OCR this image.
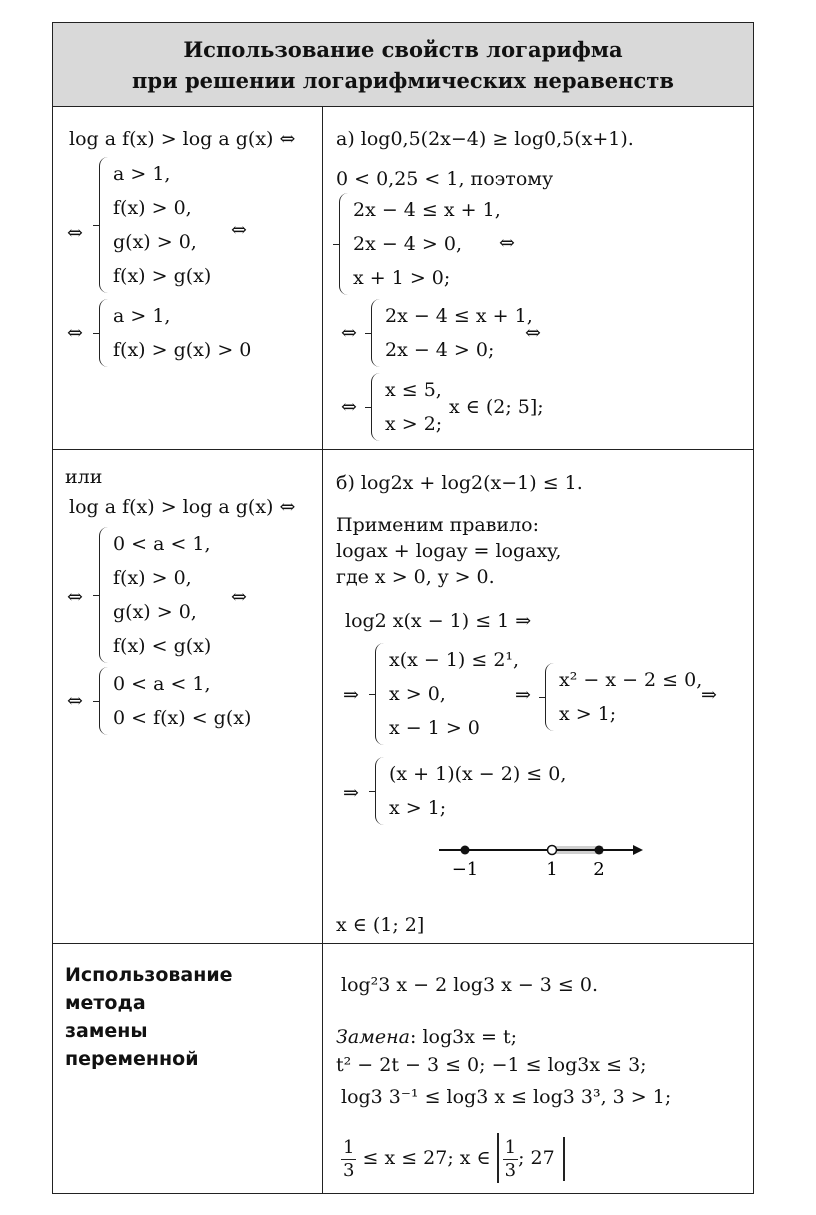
Использование свойств логарифма
при решении логарифмических неравенств
log a f(x) > log a g(x) ⇔
⇔
a > 1,
f(x) > 0,
g(x) > 0,
f(x) > g(x)
⇔
⇔
a > 1,
f(x) > g(x) > 0
а) log0,5(2x−4) ≥ log0,5(x+1).
0 < 0,25 < 1, поэтому
2x − 4 ≤ x + 1,
2x − 4 > 0,
x + 1 > 0;
⇔
⇔
2x − 4 ≤ x + 1,
2x − 4 > 0;
⇔
⇔
x ≤ 5,
x > 2;
x ∈ (2; 5];
или
log a f(x) > log a g(x) ⇔
⇔
0 < a < 1,
f(x) > 0,
g(x) > 0,
f(x) < g(x)
⇔
⇔
0 < a < 1,
0 < f(x) < g(x)
б) log2x + log2(x−1) ≤ 1.
Применим правило:
logax + logay = logaxy,
где x > 0, y > 0.
log2 x(x − 1) ≤ 1 ⇒
⇒
x(x − 1) ≤ 2¹,
x > 0,
x − 1 > 0
⇒
x² − x − 2 ≤ 0,
x > 1;
⇒
⇒
(x + 1)(x − 2) ≤ 0,
x > 1;
−1	1 2
x ∈ (1; 2]
Использование
метода
замены
переменной
log²3 x − 2 log3 x − 3 ≤ 0.
Замена: log3x = t;
t² − 2t − 3 ≤ 0; −1 ≤ log3x ≤ 3;
log3 3⁻¹ ≤ log3 x ≤ log3 3³, 3 > 1;
$\frac{1}{3} \le x \le 27$; x ∈ $\frac{1}{3}$ ; 27
